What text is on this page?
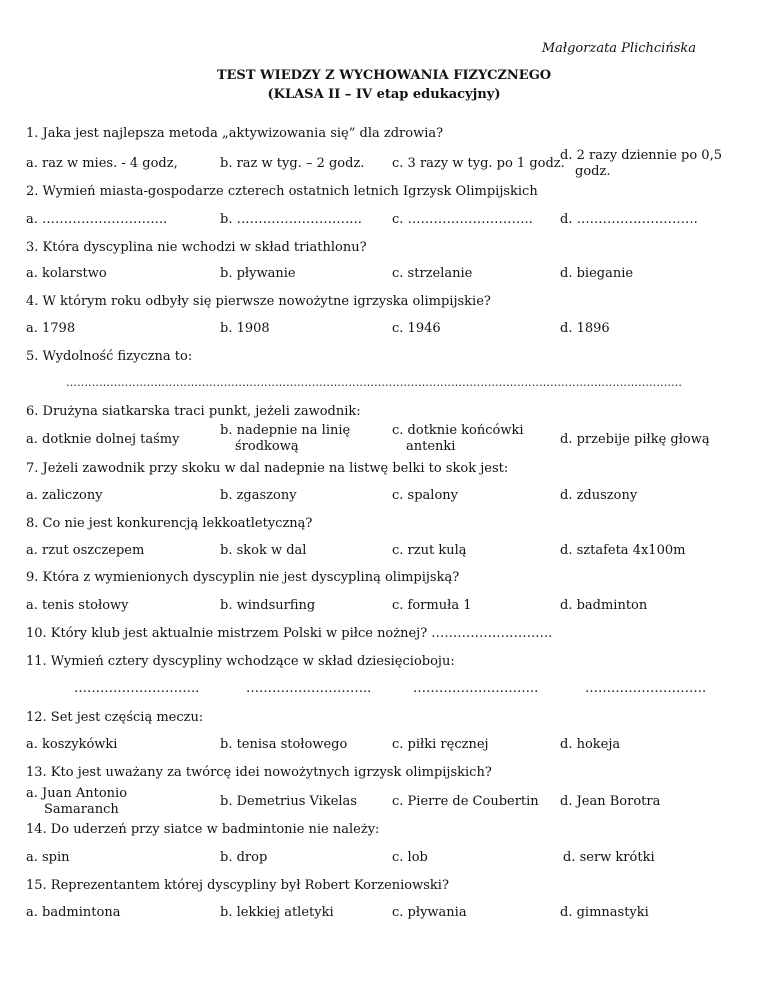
Małgorzata Plichcińska
TEST WIEDZY Z WYCHOWANIA FIZYCZNEGO
(KLASA II – IV etap edukacyjny)
1. Jaka jest najlepsza metoda „aktywizowania się” dla zdrowia?
a. raz w mies. - 4 godz,	b. raz w tyg. – 2 godz. c. 3 razy w tyg. po 1 godz.
d. 2 razy dziennie po 0,5
godz.
2. Wymień miasta-gospodarze czterech ostatnich letnich Igrzysk Olimpijskich
a. ………………………..	b. ……………………….. c. ……………………….. d. ……………………….
3. Która dyscyplina nie wchodzi w skład triathlonu?
a. kolarstwo	b. pływanie	c. strzelanie	d. bieganie
4. W którym roku odbyły się pierwsze nowożytne igrzyska olimpijskie?
a. 1798	b. 1908	c. 1946	d. 1896
5. Wydolność fizyczna to:
……………………………………………………………………………………………………………………………………………………
6. Drużyna siatkarska traci punkt, jeżeli zawodnik:
a. dotknie dolnej taśmy
b. nadepnie na linię
środkową
c. dotknie końcówki
antenki	d. przebije piłkę głową
7. Jeżeli zawodnik przy skoku w dal nadepnie na listwę belki to skok jest:
a. zaliczony	b. zgaszony	c. spalony	d. zduszony
8. Co nie jest konkurencją lekkoatletyczną?
a. rzut oszczepem	b. skok w dal	c. rzut kulą	d. sztafeta 4x100m
9. Która z wymienionych dyscyplin nie jest dyscypliną olimpijską?
a. tenis stołowy	b. windsurfing	c. formuła 1	d. badminton
10. Który klub jest aktualnie mistrzem Polski w piłce nożnej? ……………………….
11. Wymień cztery dyscypliny wchodzące w skład dziesięcioboju:
………………………..	………………………..	………………………..	……………………….
12. Set jest częścią meczu:
a. koszykówki	b. tenisa stołowego	c. piłki ręcznej	d. hokeja
13. Kto jest uważany za twórcę idei nowożytnych igrzysk olimpijskich?
a. Juan Antonio
Samaranch
b. Demetrius Vikelas	c. Pierre de Coubertin d. Jean Borotra
14. Do uderzeń przy siatce w badmintonie nie należy:
a. spin	b. drop	c. lob	d. serw krótki
15. Reprezentantem której dyscypliny był Robert Korzeniowski?
a. badmintona	b. lekkiej atletyki	c. pływania	d. gimnastyki
